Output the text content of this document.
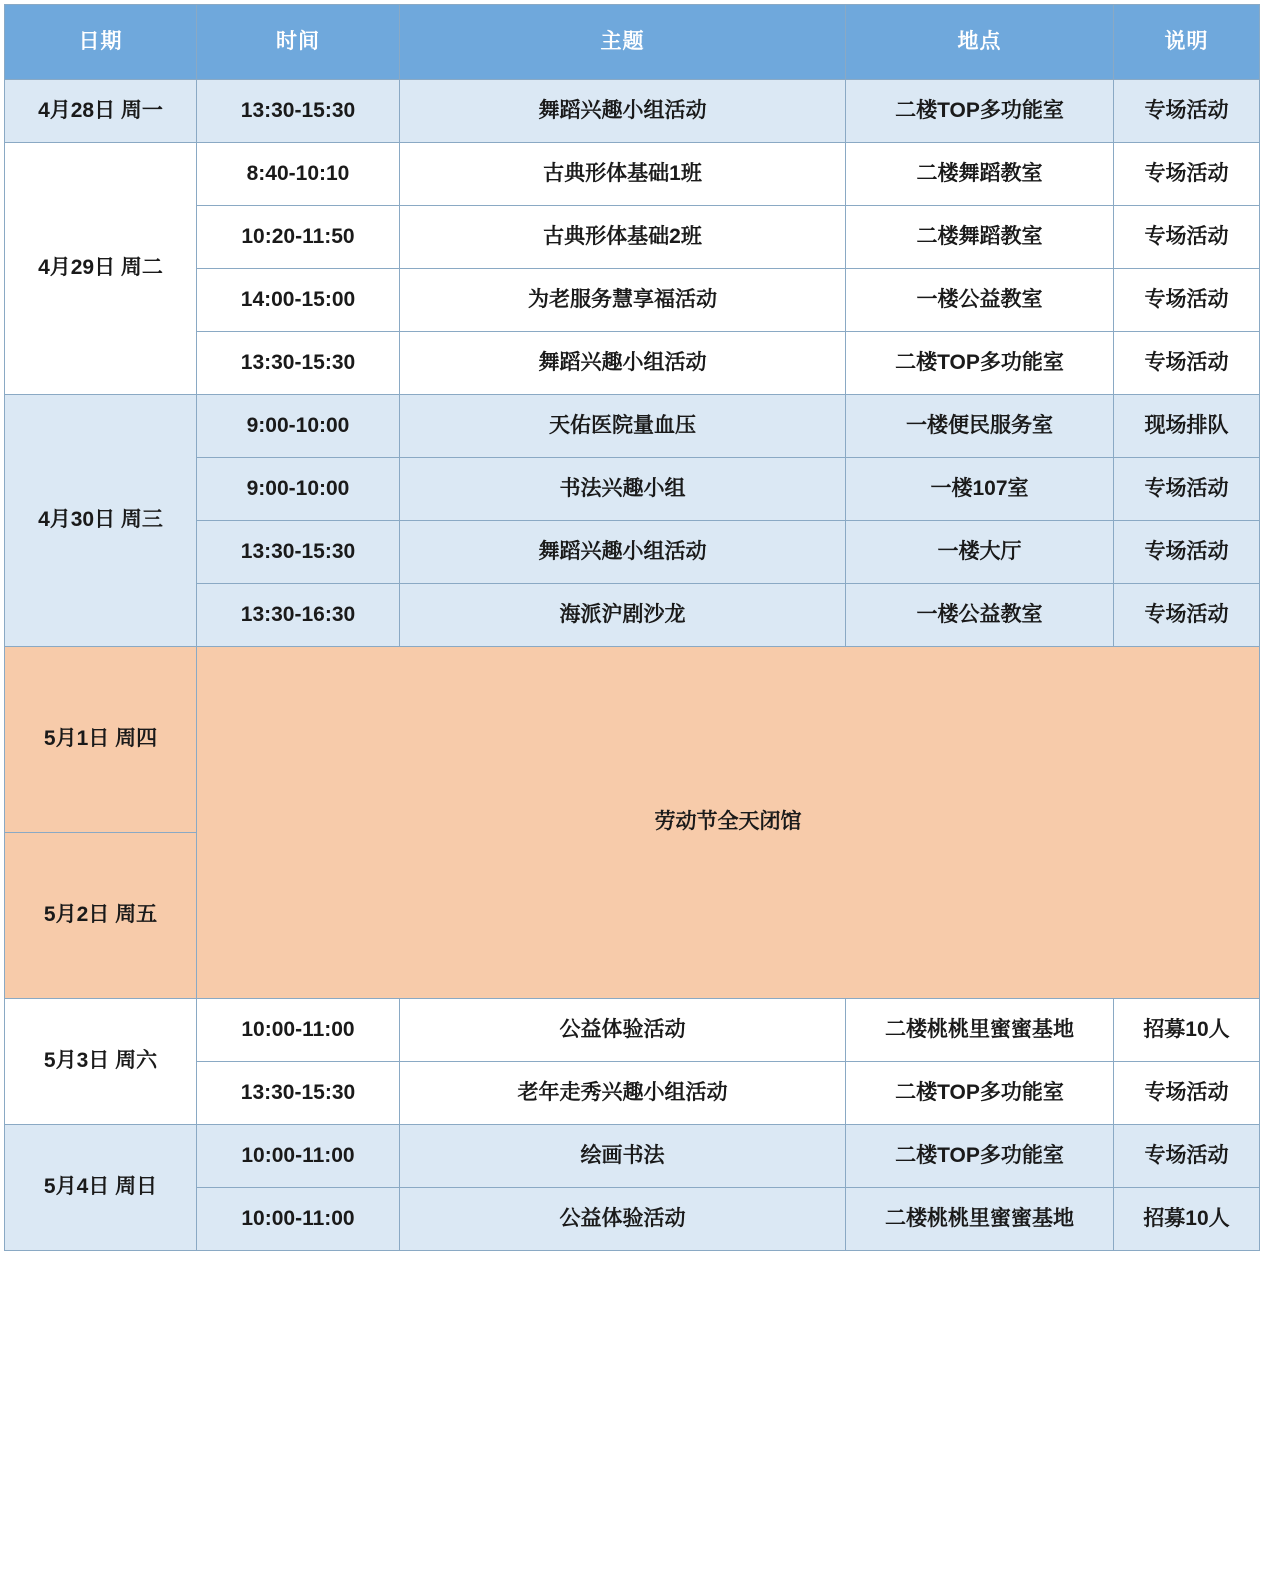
日期	时间	主题	地点	说明
4月28日 周一	13:30-15:30	舞蹈兴趣小组活动	二楼TOP多功能室	专场活动
4月29日 周二	8:40-10:10	古典形体基础1班	二楼舞蹈教室	专场活动
	10:20-11:50	古典形体基础2班	二楼舞蹈教室	专场活动
	14:00-15:00	为老服务慧享福活动	一楼公益教室	专场活动
	13:30-15:30	舞蹈兴趣小组活动	二楼TOP多功能室	专场活动
4月30日 周三	9:00-10:00	天佑医院量血压	一楼便民服务室	现场排队
	9:00-10:00	书法兴趣小组	一楼107室	专场活动
	13:30-15:30	舞蹈兴趣小组活动	一楼大厅	专场活动
	13:30-16:30	海派沪剧沙龙	一楼公益教室	专场活动
5月1日 周四	劳动节全天闭馆			
5月2日 周五				
5月3日 周六	10:00-11:00	公益体验活动	二楼桃桃里蜜蜜基地	招募10人
	13:30-15:30	老年走秀兴趣小组活动	二楼TOP多功能室	专场活动
5月4日 周日	10:00-11:00	绘画书法	二楼TOP多功能室	专场活动
	10:00-11:00	公益体验活动	二楼桃桃里蜜蜜基地	招募10人
